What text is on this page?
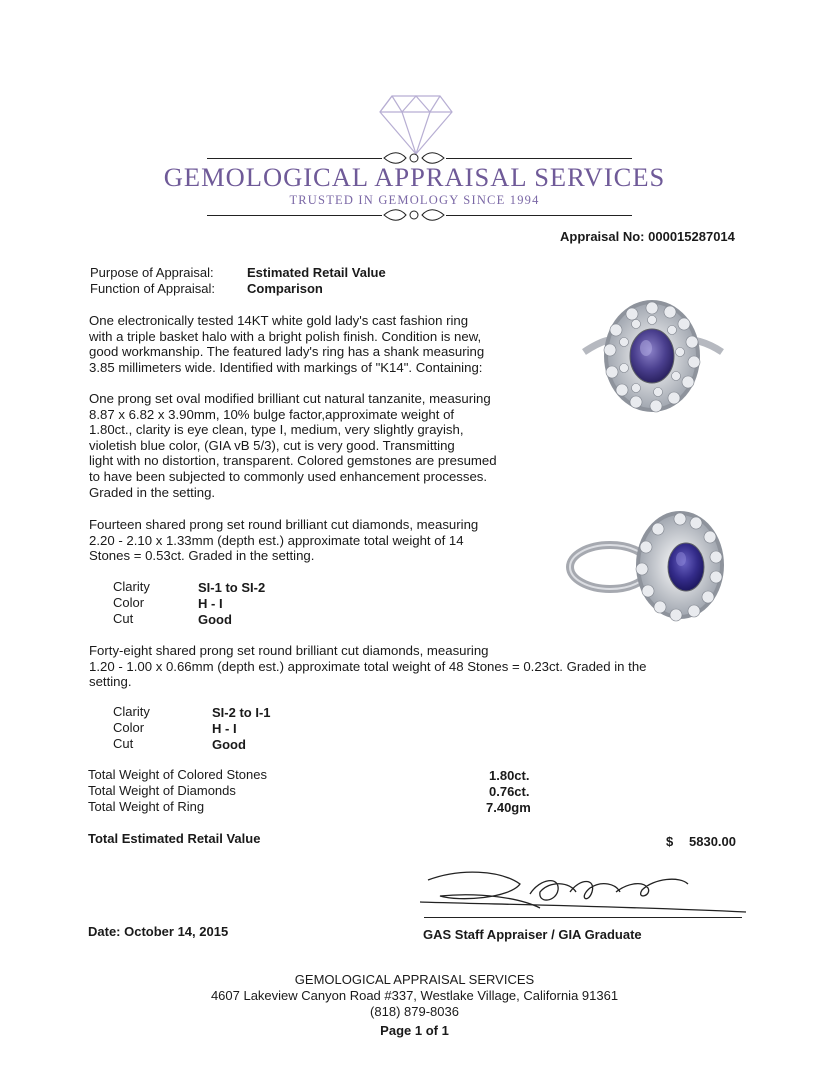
GEMOLOGICAL APPRAISAL SERVICES
TRUSTED IN GEMOLOGY SINCE 1994
Appraisal No: 000015287014
Purpose of Appraisal:	Estimated Retail Value
Function of Appraisal: Comparison

One electronically tested 14KT white gold lady's cast fashion ring

with a triple basket halo with a bright polish finish. Condition is new,

good workmanship. The featured lady's ring has a shank measuring

3.85 millimeters wide. Identified with markings of "K14". Containing:

One prong set oval modified brilliant cut natural tanzanite, measuring

8.87 x 6.82 x 3.90mm, 10% bulge factor,approximate weight of

1.80ct., clarity is eye clean, type I, medium, very slightly grayish,

violetish blue color, (GIA vB 5/3), cut is very good. Transmitting

light with no distortion, transparent. Colored gemstones are presumed

to have been subjected to commonly used enhancement processes.

Graded in the setting.

Fourteen shared prong set round brilliant cut diamonds, measuring

2.20 - 2.10 x 1.33mm (depth est.) approximate total weight of 14

Stones = 0.53ct. Graded in the setting.

Clarity	SI-1 to SI-2
Color	H - I
Cut	Good

Forty-eight shared prong set round brilliant cut diamonds, measuring

1.20 - 1.00 x 0.66mm (depth est.) approximate total weight of 48 Stones = 0.23ct. Graded in the

setting.

Clarity	SI-2 to I-1
Color	H - I
Cut	Good
Total Weight of Colored Stones	1.80ct.
Total Weight of Diamonds	0.76ct.
Total Weight of Ring	7.40gm
Total Estimated Retail Value	$ 5830.00
Date: October 14, 2015	GAS Staff Appraiser / GIA Graduate
GEMOLOGICAL APPRAISAL SERVICES
4607 Lakeview Canyon Road #337, Westlake Village, California 91361
(818) 879-8036
Page 1 of 1
